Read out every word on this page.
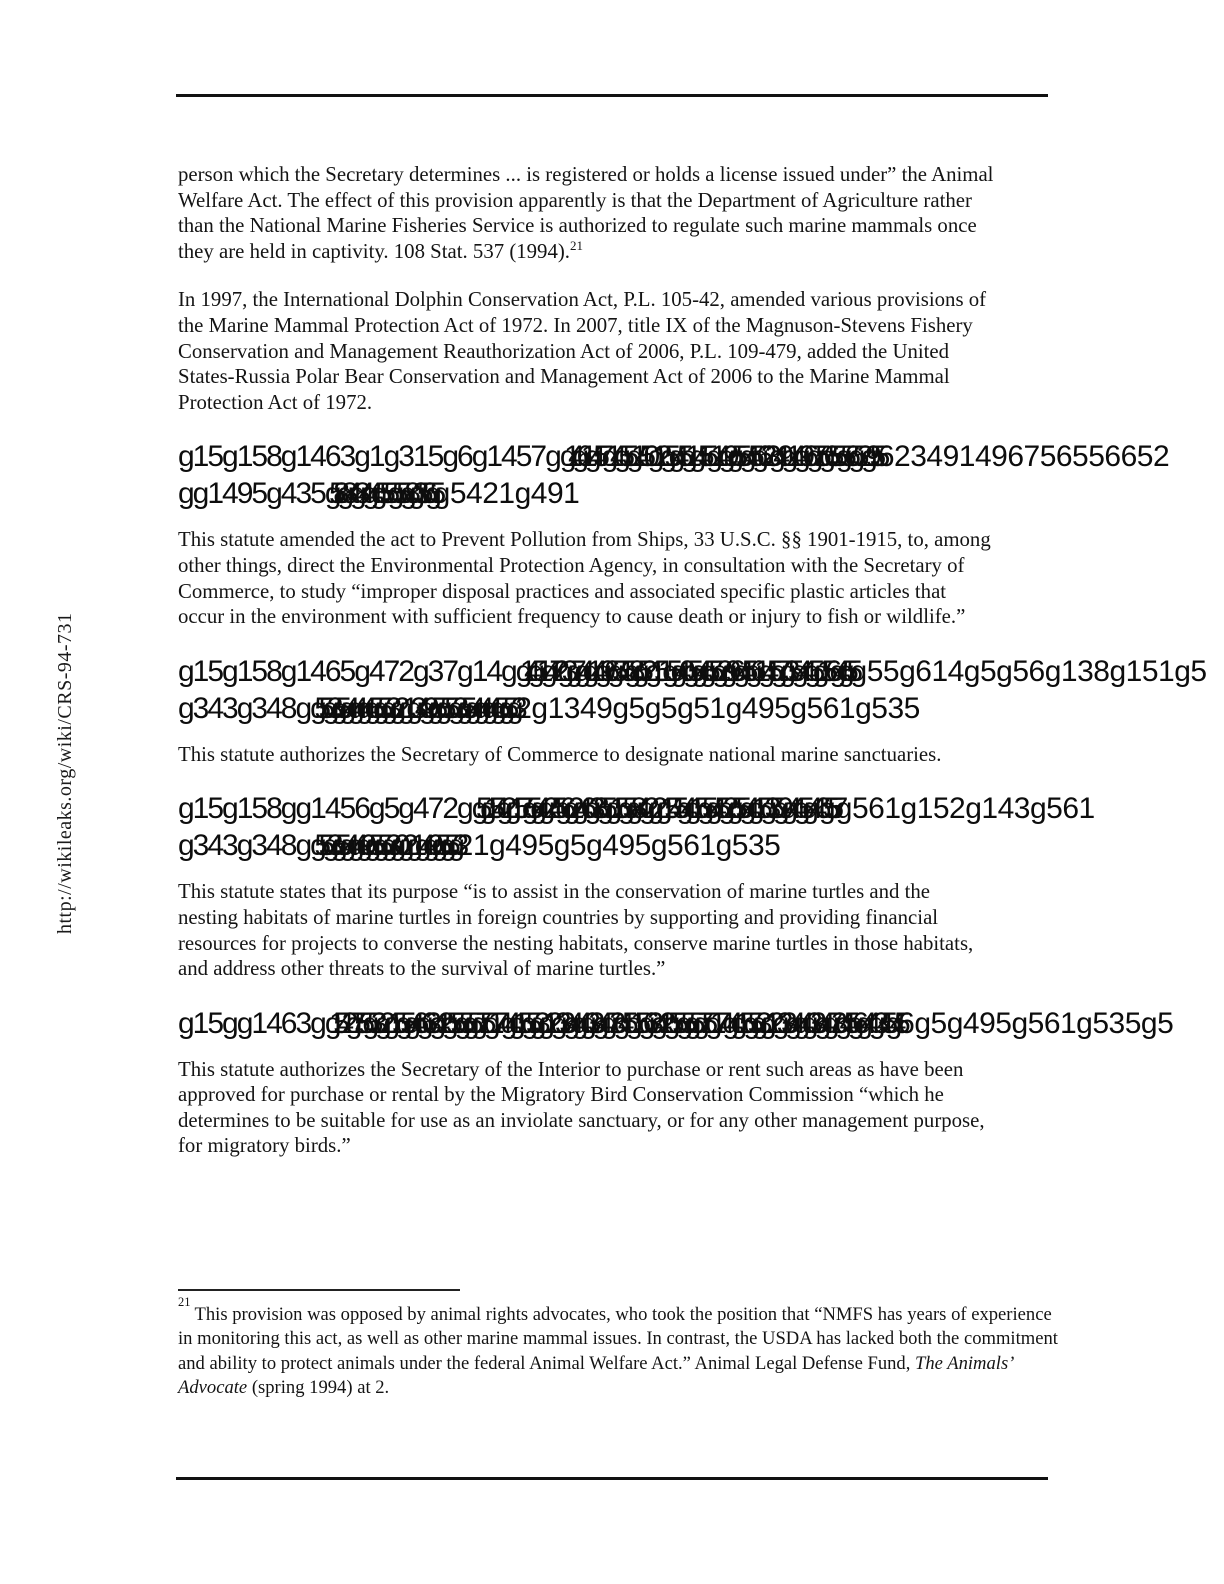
http://wikileaks.org/wiki/CRS-94-731
person which the Secretary determines ... is registered or holds a license issued under” the Animal
Welfare Act. The effect of this provision apparently is that the Department of Agriculture rather
than the National Marine Fisheries Service is authorized to regulate such marine mammals once
they are held in captivity. 108 Stat. 537 (1994).$^{21}$
In 1997, the International Dolphin Conservation Act, P.L. 105-42, amended various provisions of
the Marine Mammal Protection Act of 1972. In 2007, title IX of the Magnuson-Stevens Fishery
Conservation and Management Reauthorization Act of 2006, P.L. 109-479, added the United
States-Russia Polar Bear Conservation and Management Act of 2006 to the Marine Mammal
Protection Act of 1972.
g15g158g1463g1g315g6g1457gg14g61g457g14g55g1450g12g5g45g1g455g14g9g55g45g623g49g14g96g75g655g56g52g955623491496756556652
gg1495g435g58g84g84g4g555g55g8g356g5g5421g491
This statute amended the act to Prevent Pollution from Ships, 33 U.S.C. §§ 1901-1915, to, among
other things, direct the Environmental Protection Agency, in consultation with the Secretary of
Commerce, to study “improper disposal practices and associated specific plastic articles that
occur in the environment with sufficient frequency to cause death or injury to fish or wildlife.”
g15g158g1465g472g37g14gg14g51g472g3g7g4g14g96g545g8g52g151g5g40g5g4g55g2g96g45g61g45g7g35g44g5g156g4g55g55g614g5g56g138g151g5
g343g348gg55g3g5g4g4g4g5g5g3g2g1g34g9g5g55g3g5g4g4g4g5g5g32g1349g5g5g51g495g561g535
This statute authorizes the Secretary of Commerce to designate national marine sanctuaries.
g15g158gg1456g5g472gg5g154g2g157g5g4g245g6g2g46g38g5g15g5g84g2g2g1545g4g15g5g45g2g55g4g15g35g9g44g5g446g557g561g152g143g561
g343g348gg55g3g5g4g4g9g5g5g3g0g2g1g4g9g5g5g321g495g5g495g561g535
This statute states that its purpose “is to assist in the conservation of marine turtles and the
nesting habitats of marine turtles in foreign countries by supporting and providing financial
resources for projects to converse the nesting habitats, conserve marine turtles in those habitats,
and address other threats to the survival of marine turtles.”
g15gg1463gg1542g755g53g2g15g5g46g63g42g55g5g5g75g174g4g15g5g3g12g33g4g4g33g4g73g45g15g63g42g55g5g5g75g174g4g15g5g3g12g33g4g4g33g4g73g45g6g44g345g456g5g495g561g535g5
This statute authorizes the Secretary of the Interior to purchase or rent such areas as have been
approved for purchase or rental by the Migratory Bird Conservation Commission “which he
determines to be suitable for use as an inviolate sanctuary, or for any other management purpose,
for migratory birds.”
$^{21}$This provision was opposed by animal rights advocates, who took the position that “NMFS has years of experience
in monitoring this act, as well as other marine mammal issues. In contrast, the USDA has lacked both the commitment
and ability to protect animals under the federal Animal Welfare Act.” Animal Legal Defense Fund, The Animals’
Advocate (spring 1994) at 2.
